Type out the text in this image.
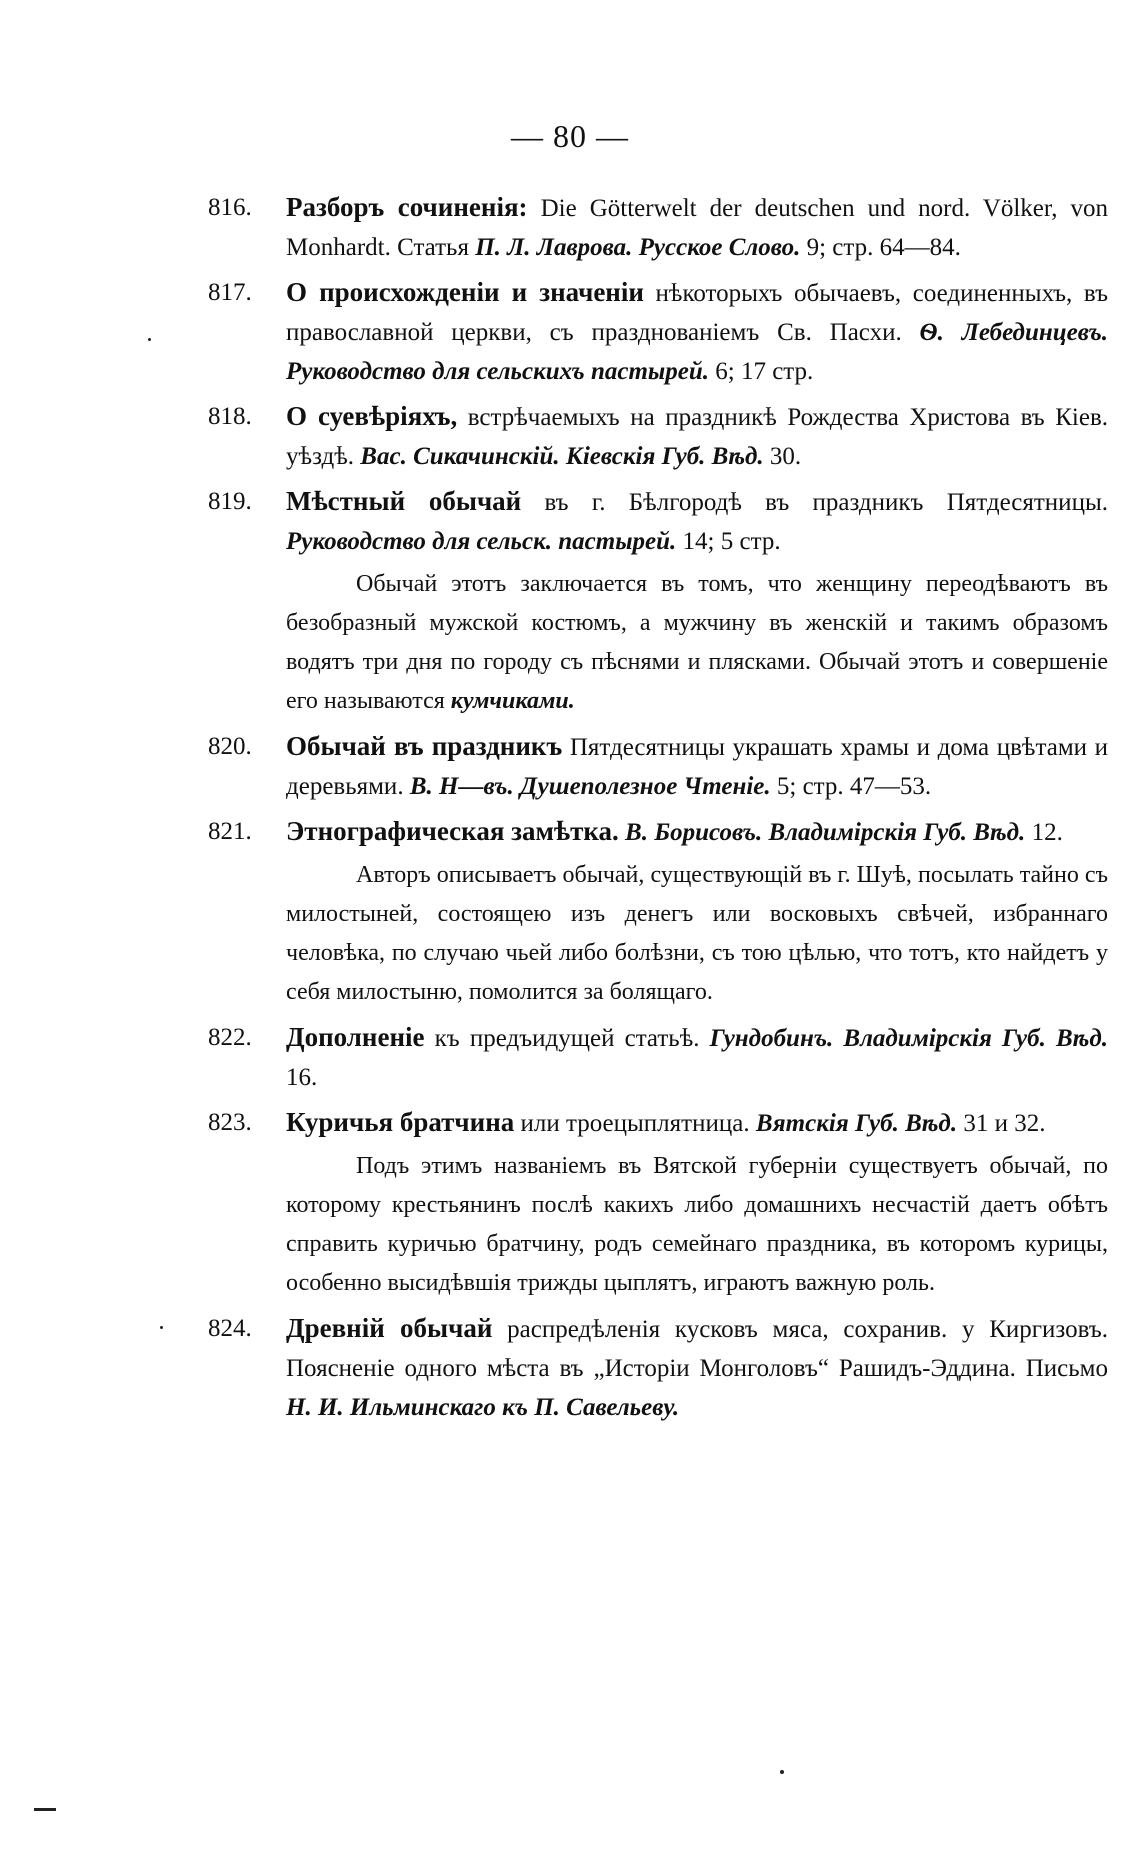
— 80 —
816.	Разборъ сочиненія: Die Götterwelt der deutschen und nord. Völker, von Monhardt. Статья П. Л. Лаврова. Русское Слово. 9; стр. 64—84.
817.	О происхожденіи и значеніи нѣкоторыхъ обычаевъ, соединенныхъ, въ православной церкви, съ празднованіемъ Св. Пасхи. Ѳ. Лебединцевъ. Руководство для сельскихъ пастырей. 6; 17 стр.
818.	О суевѣріяхъ, встрѣчаемыхъ на праздникѣ Рождества Христова въ Кіев. уѣздѣ. Вас. Сикачинскій. Кіевскія Губ. Вѣд. 30.
819.	Мѣстный обычай въ г. Бѣлгородѣ въ праздникъ Пятдесятницы. Руководство для сельск. пастырей. 14; 5 стр.
Обычай этотъ заключается въ томъ, что женщину переодѣваютъ въ безобразный мужской костюмъ, а мужчину въ женскій и такимъ образомъ водятъ три дня по городу съ пѣснями и плясками. Обычай этотъ и совершеніе его называются кумчиками.
820.	Обычай въ праздникъ Пятдесятницы украшать храмы и дома цвѣтами и деревьями. В. Н—въ. Душеполезное Чтеніе. 5; стр. 47—53.
821.	Этнографическая замѣтка. В. Борисовъ. Владимірскія Губ. Вѣд. 12.
Авторъ описываетъ обычай, существующій въ г. Шуѣ, посылать тайно съ милостыней, состоящею изъ денегъ или восковыхъ свѣчей, избраннаго человѣка, по случаю чьей либо болѣзни, съ тою цѣлью, что тотъ, кто найдетъ у себя милостыню, помолится за болящаго.
822.	Дополненіе къ предъидущей статьѣ. Гундобинъ. Владимірскія Губ. Вѣд. 16.
823.	Куричья братчина или троецыплятница. Вятскія Губ. Вѣд. 31 и 32.
Подъ этимъ названіемъ въ Вятской губерніи существуетъ обычай, по которому крестьянинъ послѣ какихъ либо домашнихъ несчастій даетъ обѣтъ справить куричью братчину, родъ семейнаго праздника, въ которомъ курицы, особенно высидѣвшія трижды цыплятъ, играютъ важную роль.
824.	Древній обычай распредѣленія кусковъ мяса, сохранив. у Киргизовъ. Поясненіе одного мѣста въ „Исторіи Монголовъ“ Рашидъ-Эддина. Письмо Н. И. Ильминскаго къ П. Савельеву.
